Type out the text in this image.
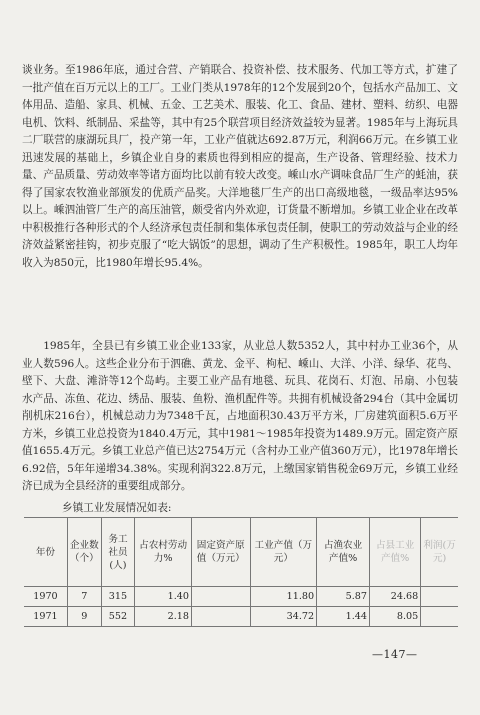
谈业务。至1986年底，通过合营、产销联合、投资补偿、技术服务、代加工等方式，扩建了一批产值在百万元以上的工厂。工业门类从1978年的12个发展到20个，包括水产品加工、文体用品、造船、家具、机械、五金、工艺美术、服装、化工、食品、建材、塑料、纺织、电器电机、饮料、纸制品、采盐等，其中有25个联营项目经济效益较为显著。1985年与上海玩具二厂联营的康湖玩具厂，投产第一年，工业产值就达692.87万元，利润66万元。在乡镇工业迅速发展的基础上，乡镇企业自身的素质也得到相应的提高，生产设备、管理经验、技术力量、产品质量、劳动效率等诸方面均比以前有较大改变。嵊山水产调味食品厂生产的蚝油，获得了国家农牧渔业部颁发的优质产品奖。大洋地毯厂生产的出口高级地毯，一级品率达95%以上。嵊泗油管厂生产的高压油管，颇受省内外欢迎，订货量不断增加。乡镇工业企业在改革中积极推行各种形式的个人经济承包责任制和集体承包责任制，使职工的劳动效益与企业的经济效益紧密挂钩，初步克服了“吃大锅饭”的思想，调动了生产积极性。1985年，职工人均年收入为850元，比1980年增长95.4%。

1985年，全县已有乡镇工业企业133家，从业总人数5352人，其中村办工业36个，从业人数596人。这些企业分布于泗礁、黄龙、金平、枸杞、嵊山、大洋、小洋、绿华、花鸟、壁下、大盘、滩浒等12个岛屿。主要工业产品有地毯、玩具、花岗石、灯泡、吊扇、小包装水产品、冻鱼、花边、绣品、服装、鱼粉、渔机配件等。共拥有机械设备294台（其中金属切削机床216台），机械总动力为7348千瓦，占地面积30.43万平方米，厂房建筑面积5.6万平方米，乡镇工业总投资为1840.4万元，其中1981～1985年投资为1489.9万元。固定资产原值1655.4万元。乡镇工业总产值已达2754万元（含村办工业产值360万元），比1978年增长6.92倍，5年年递增34.38%。实现利润322.8万元，上缴国家销售税金69万元，乡镇工业经济已成为全县经济的重要组成部分。

乡镇工业发展情况如表:
年份	企业数（个）	务工社员(人)	占农村劳动力%	固定资产原值（万元）	工业产值（万元）	占渔农业产值%	占县工业产值%	利润(万元)
1970	7	315	1.40		11.80	5.87	24.68	
1971	9	552	2.18		34.72	1.44	8.05	
—147—
